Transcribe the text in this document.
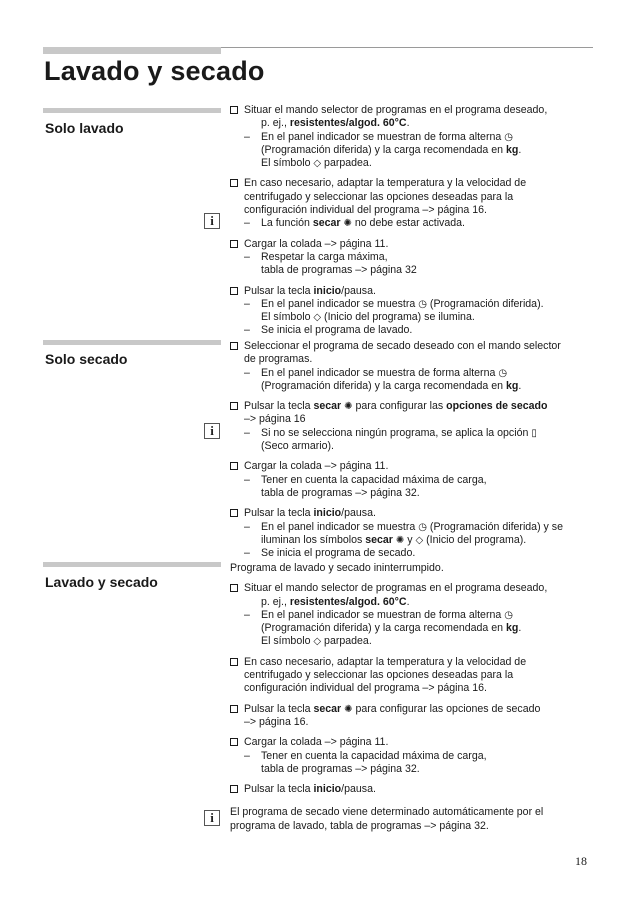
Lavado y secado
Solo lavado
i
Situar el mando selector de programas en el programa deseado,
p. ej., resistentes/algod. 60°C.
– En el panel indicador se muestran de forma alterna ◷
(Programación diferida) y la carga recomendada en kg.
El símbolo ◇ parpadea.
En caso necesario, adaptar la temperatura y la velocidad de
centrifugado y seleccionar las opciones deseadas para la
configuración individual del programa –> página 16.
– La función secar ✺ no debe estar activada.
Cargar la colada –> página 11.
– Respetar la carga máxima,
tabla de programas –> página 32
Pulsar la tecla inicio/pausa.
– En el panel indicador se muestra ◷ (Programación diferida).
El símbolo ◇ (Inicio del programa) se ilumina.
– Se inicia el programa de lavado.
Solo secado
i
Seleccionar el programa de secado deseado con el mando selector
de programas.
– En el panel indicador se muestra de forma alterna ◷
(Programación diferida) y la carga recomendada en kg.
Pulsar la tecla secar ✺ para configurar las opciones de secado
–> página 16
– Si no se selecciona ningún programa, se aplica la opción ▯
(Seco armario).
Cargar la colada –> página 11.
– Tener en cuenta la capacidad máxima de carga,
tabla de programas –> página 32.
Pulsar la tecla inicio/pausa.
– En el panel indicador se muestra ◷ (Programación diferida) y se
iluminan los símbolos secar ✺ y ◇ (Inicio del programa).
– Se inicia el programa de secado.
Lavado y secado
i
Programa de lavado y secado ininterrumpido.
Situar el mando selector de programas en el programa deseado,
p. ej., resistentes/algod. 60°C.
– En el panel indicador se muestran de forma alterna ◷
(Programación diferida) y la carga recomendada en kg.
El símbolo ◇ parpadea.
En caso necesario, adaptar la temperatura y la velocidad de
centrifugado y seleccionar las opciones deseadas para la
configuración individual del programa –> página 16.
Pulsar la tecla secar ✺ para configurar las opciones de secado
–> página 16.
Cargar la colada –> página 11.
– Tener en cuenta la capacidad máxima de carga,
tabla de programas –> página 32.
Pulsar la tecla inicio/pausa.
El programa de secado viene determinado automáticamente por el
programa de lavado, tabla de programas –> página 32.
18
